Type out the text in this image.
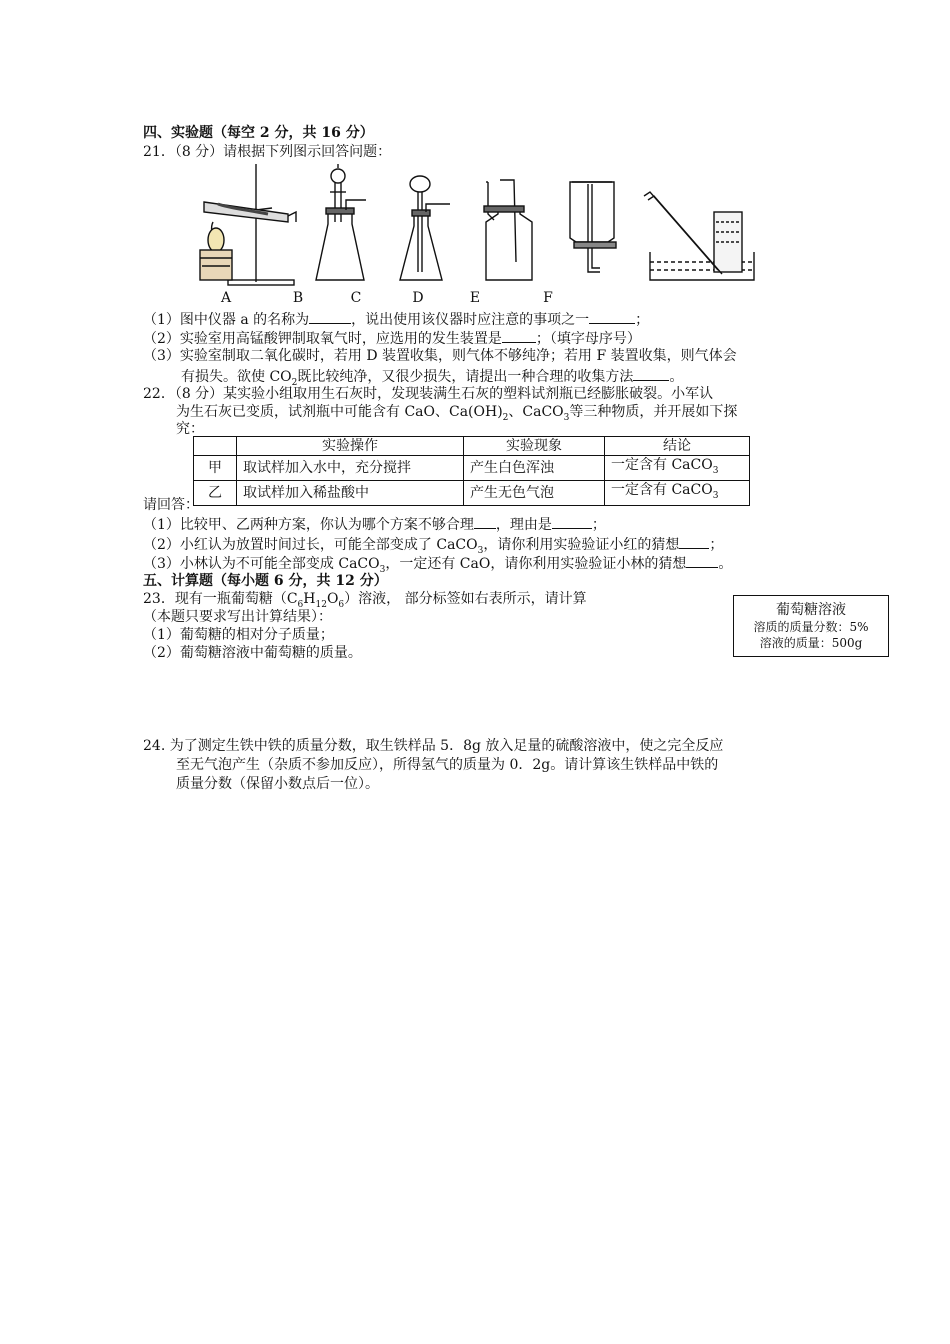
四、实验题（每空 2 分，共 16 分）
21．（8 分）请根据下列图示回答问题：
A	B	C	D	E	F
（1）图中仪器 a 的名称为	，说出使用该仪器时应注意的事项之一	；
（2）实验室用高锰酸钾制取氧气时，应选用的发生装置是 ；（填字母序号）
（3）实验室制取二氧化碳时，若用 D 装置收集，则气体不够纯净；若用 F 装置收集，则气体会
有损失。欲使 $CO_2$既比较纯净，又很少损失，请提出一种合理的收集方法	。
22．（8 分）某实验小组取用生石灰时，发现装满生石灰的塑料试剂瓶已经膨胀破裂。小军认
为生石灰已变质，试剂瓶中可能含有 CaO、$Ca(OH)_2$、CaCO$_3$等三种物质，并开展如下探
究：
	实验操作	实验现象	结论
甲	取试样加入水中，充分搅拌	产生白色浑浊	一定含有 CaCO$_3$
乙	取试样加入稀盐酸中	产生无色气泡	一定含有 CaCO$_3$
请回答：
（1）比较甲、乙两种方案，你认为哪个方案不够合理 ，理由是	；
（2）小红认为放置时间过长，可能全部变成了 CaCO$_3$，请你利用实验验证小红的猜想 ；
（3）小林认为不可能全部变成 CaCO$_3$，一定还有 CaO，请你利用实验验证小林的猜想 。
五、计算题（每小题 6 分，共 12 分）
23．现有一瓶葡萄糖$(C_6H_{12}O_6)$溶液， 部分标签如右表所示，请计算
（本题只要求写出计算结果）：
（1）葡萄糖的相对分子质量；
（2）葡萄糖溶液中葡萄糖的质量。
葡萄糖溶液
溶质的质量分数：5%
溶液的质量：500g
24. 为了测定生铁中铁的质量分数，取生铁样品 5．8g 放入足量的硫酸溶液中，使之完全反应
至无气泡产生（杂质不参加反应），所得氢气的质量为 0．2g。请计算该生铁样品中铁的
质量分数（保留小数点后一位）。
